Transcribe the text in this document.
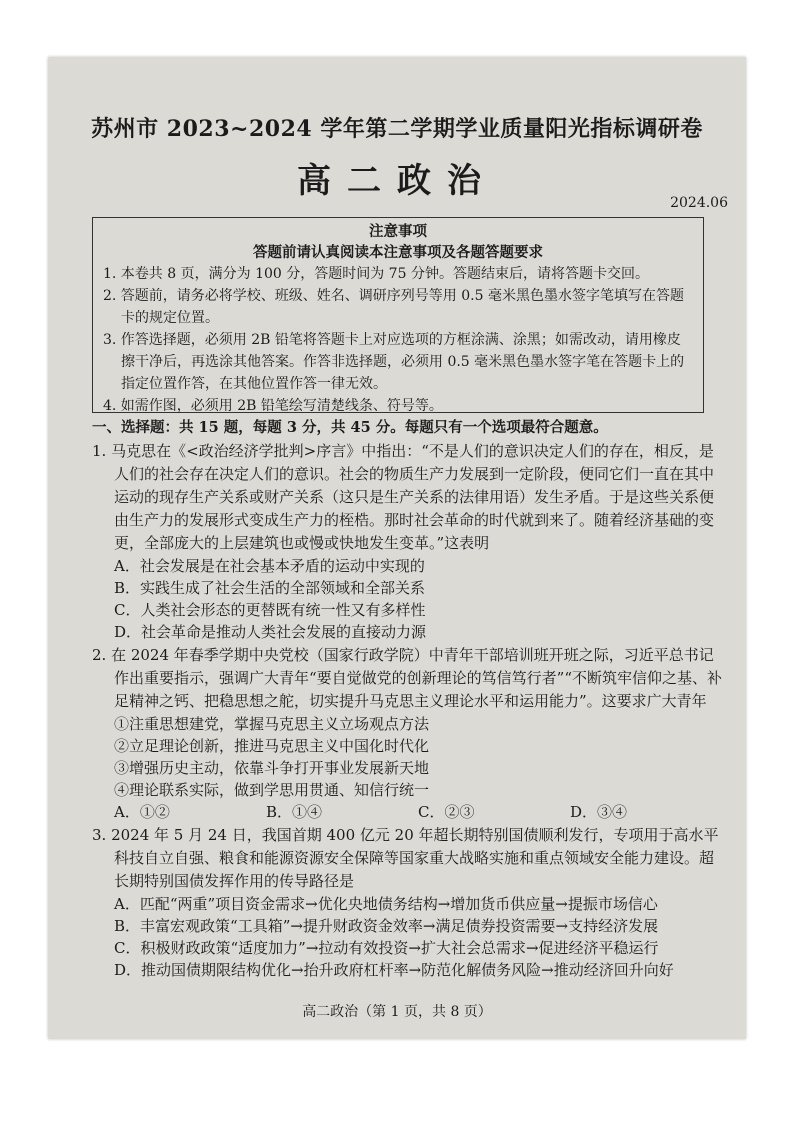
苏州市 2023~2024 学年第二学期学业质量阳光指标调研卷
高二政治
2024.06
注意事项
答题前请认真阅读本注意事项及各题答题要求
1. 本卷共 8 页，满分为 100 分，答题时间为 75 分钟。答题结束后，请将答题卡交回。
2. 答题前，请务必将学校、班级、姓名、调研序列号等用 0.5 毫米黑色墨水签字笔填写在答题卡的规定位置。
3. 作答选择题，必须用 2B 铅笔将答题卡上对应选项的方框涂满、涂黑；如需改动，请用橡皮擦干净后，再选涂其他答案。作答非选择题，必须用 0.5 毫米黑色墨水签字笔在答题卡上的指定位置作答，在其他位置作答一律无效。
4. 如需作图，必须用 2B 铅笔绘写清楚线条、符号等。
一、选择题：共 15 题，每题 3 分，共 45 分。每题只有一个选项最符合题意。
1. 马克思在《<政治经济学批判>序言》中指出：“不是人们的意识决定人们的存在，相反，是人们的社会存在决定人们的意识。社会的物质生产力发展到一定阶段，便同它们一直在其中运动的现存生产关系或财产关系（这只是生产关系的法律用语）发生矛盾。于是这些关系便由生产力的发展形式变成生产力的桎梏。那时社会革命的时代就到来了。随着经济基础的变更，全部庞大的上层建筑也或慢或快地发生变革。”这表明
A．社会发展是在社会基本矛盾的运动中实现的
B．实践生成了社会生活的全部领域和全部关系
C．人类社会形态的更替既有统一性又有多样性
D．社会革命是推动人类社会发展的直接动力源
2. 在 2024 年春季学期中央党校（国家行政学院）中青年干部培训班开班之际，习近平总书记作出重要指示，强调广大青年“要自觉做党的创新理论的笃信笃行者”“不断筑牢信仰之基、补足精神之钙、把稳思想之舵，切实提升马克思主义理论水平和运用能力”。这要求广大青年
①注重思想建党，掌握马克思主义立场观点方法
②立足理论创新，推进马克思主义中国化时代化
③增强历史主动，依靠斗争打开事业发展新天地
④理论联系实际，做到学思用贯通、知信行统一
A．①②	B．①④	C．②③	D．③④
3. 2024 年 5 月 24 日，我国首期 400 亿元 20 年超长期特别国债顺利发行，专项用于高水平科技自立自强、粮食和能源资源安全保障等国家重大战略实施和重点领域安全能力建设。超长期特别国债发挥作用的传导路径是
A．匹配“两重”项目资金需求→优化央地债务结构→增加货币供应量→提振市场信心
B．丰富宏观政策“工具箱”→提升财政资金效率→满足债券投资需要→支持经济发展
C．积极财政政策“适度加力”→拉动有效投资→扩大社会总需求→促进经济平稳运行
D．推动国债期限结构优化→抬升政府杠杆率→防范化解债务风险→推动经济回升向好
高二政治（第 1 页，共 8 页）
